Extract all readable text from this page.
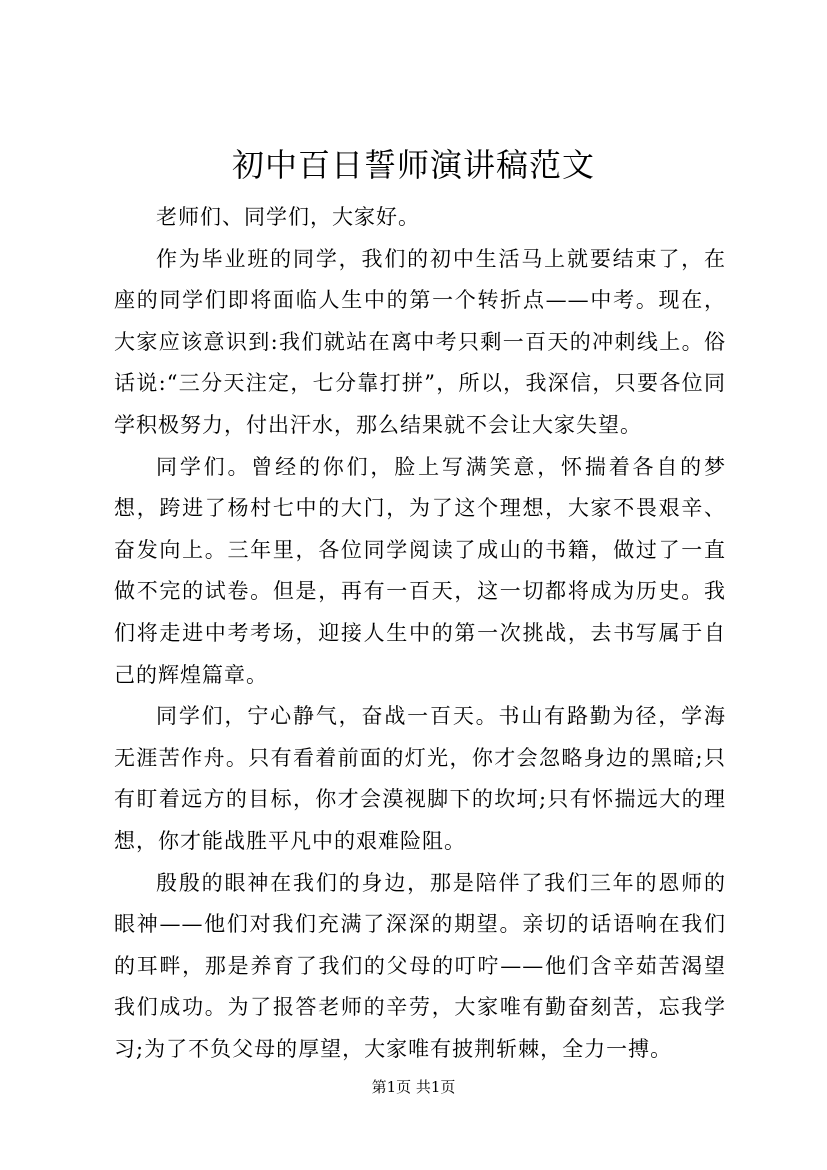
初中百日誓师演讲稿范文

老师们、同学们，大家好。

作为毕业班的同学，我们的初中生活马上就要结束了，在座的同学们即将面临人生中的第一个转折点——中考。现在，大家应该意识到:我们就站在离中考只剩一百天的冲刺线上。俗话说:“三分天注定，七分靠打拼”，所以，我深信，只要各位同学积极努力，付出汗水，那么结果就不会让大家失望。

同学们。曾经的你们，脸上写满笑意，怀揣着各自的梦想，跨进了杨村七中的大门，为了这个理想，大家不畏艰辛、奋发向上。三年里，各位同学阅读了成山的书籍，做过了一直做不完的试卷。但是，再有一百天，这一切都将成为历史。我们将走进中考考场，迎接人生中的第一次挑战，去书写属于自己的辉煌篇章。

同学们，宁心静气，奋战一百天。书山有路勤为径，学海无涯苦作舟。只有看着前面的灯光，你才会忽略身边的黑暗;只有盯着远方的目标，你才会漠视脚下的坎坷;只有怀揣远大的理想，你才能战胜平凡中的艰难险阻。

殷殷的眼神在我们的身边，那是陪伴了我们三年的恩师的眼神——他们对我们充满了深深的期望。亲切的话语响在我们的耳畔，那是养育了我们的父母的叮咛——他们含辛茹苦渴望我们成功。为了报答老师的辛劳，大家唯有勤奋刻苦，忘我学习;为了不负父母的厚望，大家唯有披荆斩棘，全力一搏。

第1页 共1页
